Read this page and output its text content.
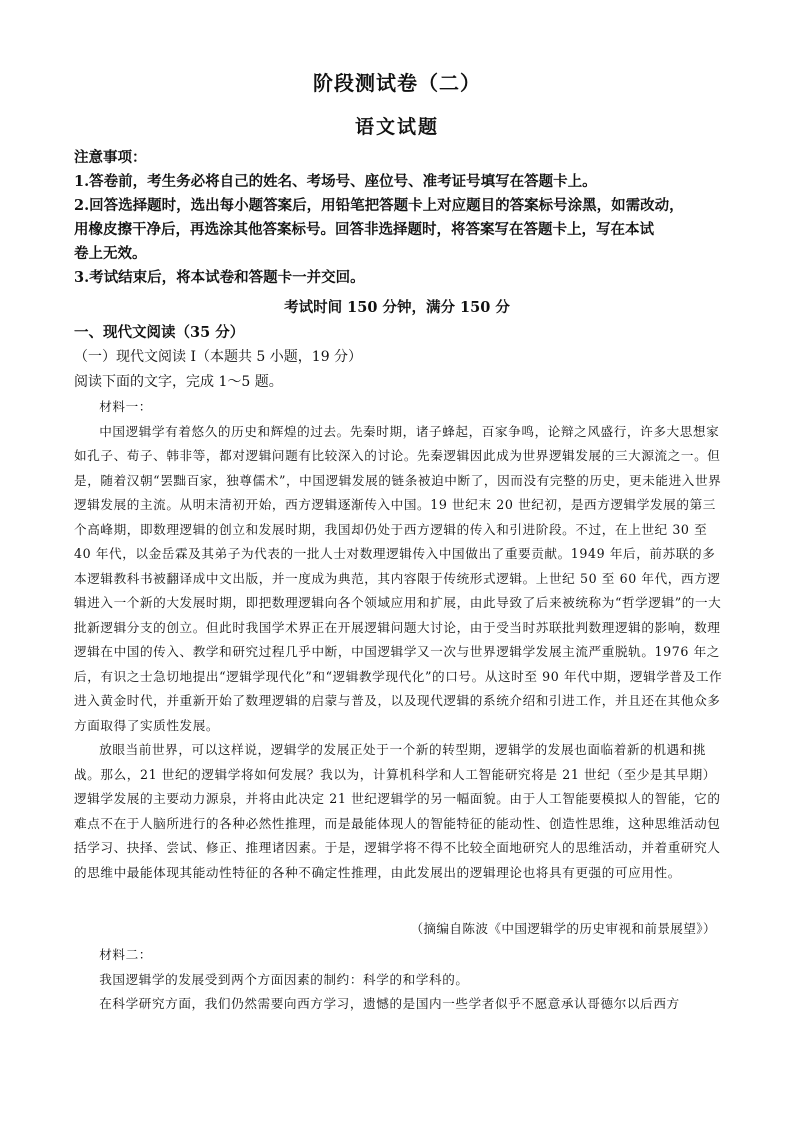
阶段测试卷（二）
语文试题
注意事项：
1.答卷前，考生务必将自己的姓名、考场号、座位号、准考证号填写在答题卡上。
2.回答选择题时，选出每小题答案后，用铅笔把答题卡上对应题目的答案标号涂黑，如需改动，
用橡皮擦干净后，再选涂其他答案标号。回答非选择题时，将答案写在答题卡上，写在本试
卷上无效。
3.考试结束后，将本试卷和答题卡一并交回。
考试时间 150 分钟，满分 150 分
一、现代文阅读（35 分）
（一）现代文阅读 I（本题共 5 小题，19 分）
阅读下面的文字，完成 1～5 题。

材料一：

中国逻辑学有着悠久的历史和辉煌的过去。先秦时期，诸子蜂起，百家争鸣，论辩之风盛行，许多大思想家如孔子、荀子、韩非等，都对逻辑问题有比较深入的讨论。先秦逻辑因此成为世界逻辑发展的三大源流之一。但是，随着汉朝“罢黜百家，独尊儒术”，中国逻辑发展的链条被迫中断了，因而没有完整的历史，更未能进入世界逻辑发展的主流。从明末清初开始，西方逻辑逐渐传入中国。19 世纪末 20 世纪初，是西方逻辑学发展的第三个高峰期，即数理逻辑的创立和发展时期，我国却仍处于西方逻辑的传入和引进阶段。不过，在上世纪 30 至 40 年代，以金岳霖及其弟子为代表的一批人士对数理逻辑传入中国做出了重要贡献。1949 年后，前苏联的多本逻辑教科书被翻译成中文出版，并一度成为典范，其内容限于传统形式逻辑。上世纪 50 至 60 年代，西方逻辑进入一个新的大发展时期，即把数理逻辑向各个领域应用和扩展，由此导致了后来被统称为“哲学逻辑”的一大批新逻辑分支的创立。但此时我国学术界正在开展逻辑问题大讨论，由于受当时苏联批判数理逻辑的影响，数理逻辑在中国的传入、教学和研究过程几乎中断，中国逻辑学又一次与世界逻辑学发展主流严重脱轨。1976 年之后，有识之士急切地提出“逻辑学现代化”和“逻辑教学现代化”的口号。从这时至 90 年代中期，逻辑学普及工作进入黄金时代，并重新开始了数理逻辑的启蒙与普及，以及现代逻辑的系统介绍和引进工作，并且还在其他众多方面取得了实质性发展。

放眼当前世界，可以这样说，逻辑学的发展正处于一个新的转型期，逻辑学的发展也面临着新的机遇和挑战。那么，21 世纪的逻辑学将如何发展？我以为，计算机科学和人工智能研究将是 21 世纪（至少是其早期）逻辑学发展的主要动力源泉，并将由此决定 21 世纪逻辑学的另一幅面貌。由于人工智能要模拟人的智能，它的难点不在于人脑所进行的各种必然性推理，而是最能体现人的智能特征的能动性、创造性思维，这种思维活动包括学习、抉择、尝试、修正、推理诸因素。于是，逻辑学将不得不比较全面地研究人的思维活动，并着重研究人的思维中最能体现其能动性特征的各种不确定性推理，由此发展出的逻辑理论也将具有更强的可应用性。

（摘编自陈波《中国逻辑学的历史审视和前景展望》）

材料二：

我国逻辑学的发展受到两个方面因素的制约：科学的和学科的。

在科学研究方面，我们仍然需要向西方学习，遗憾的是国内一些学者似乎不愿意承认哥德尔以后西方
